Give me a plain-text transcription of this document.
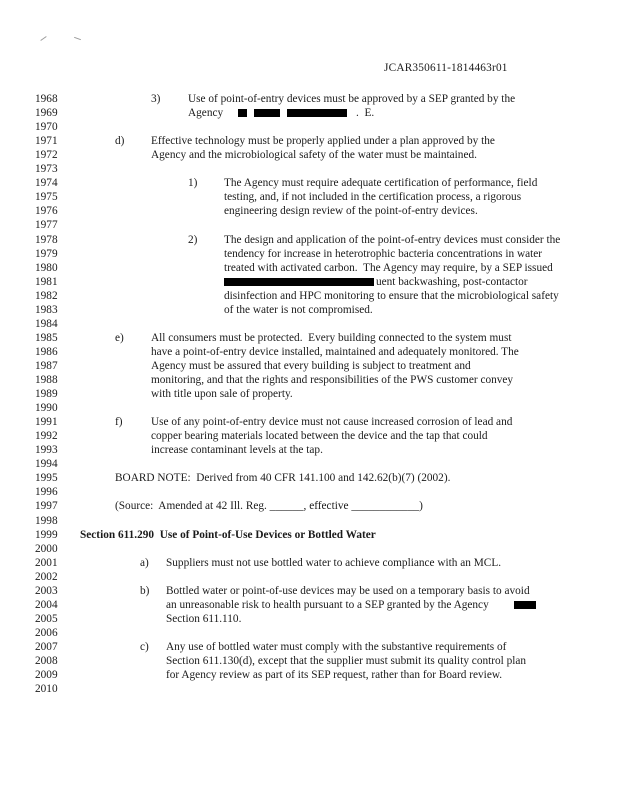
JCAR350611-1814463r01
1968	3) Use of point-of-entry devices must be approved by a SEP granted by the
1969	Agency	.  E.
1970
1971	d) Effective technology must be properly applied under a plan approved by the
1972	Agency and the microbiological safety of the water must be maintained.
1973
1974	1) The Agency must require adequate certification of performance, field
1975	testing, and, if not included in the certification process, a rigorous
1976	engineering design review of the point-of-entry devices.
1977
1978	2) The design and application of the point-of-entry devices must consider the
1979	tendency for increase in heterotrophic bacteria concentrations in water
1980	treated with activated carbon.  The Agency may require, by a SEP issued
1981	uent backwashing, post-contactor
1982	disinfection and HPC monitoring to ensure that the microbiological safety
1983	of the water is not compromised.
1984
1985	e) All consumers must be protected.  Every building connected to the system must
1986	have a point-of-entry device installed, maintained and adequately monitored. The
1987	Agency must be assured that every building is subject to treatment and
1988	monitoring, and that the rights and responsibilities of the PWS customer convey
1989	with title upon sale of property.
1990
1991	f)	Use of any point-of-entry device must not cause increased corrosion of lead and
1992	copper bearing materials located between the device and the tap that could
1993	increase contaminant levels at the tap.
1994
1995	BOARD NOTE:  Derived from 40 CFR 141.100 and 142.62(b)(7) (2002).
1996
1997	(Source:  Amended at 42 Ill. Reg. ______, effective ____________)
1998
1999 Section 611.290  Use of Point-of-Use Devices or Bottled Water
2000
2001	a) Suppliers must not use bottled water to achieve compliance with an MCL.
2002
2003	b) Bottled water or point-of-use devices may be used on a temporary basis to avoid
2004	an unreasonable risk to health pursuant to a SEP granted by the Agency
2005	Section 611.110.
2006
2007	c) Any use of bottled water must comply with the substantive requirements of
2008	Section 611.130(d), except that the supplier must submit its quality control plan
2009	for Agency review as part of its SEP request, rather than for Board review.
2010
